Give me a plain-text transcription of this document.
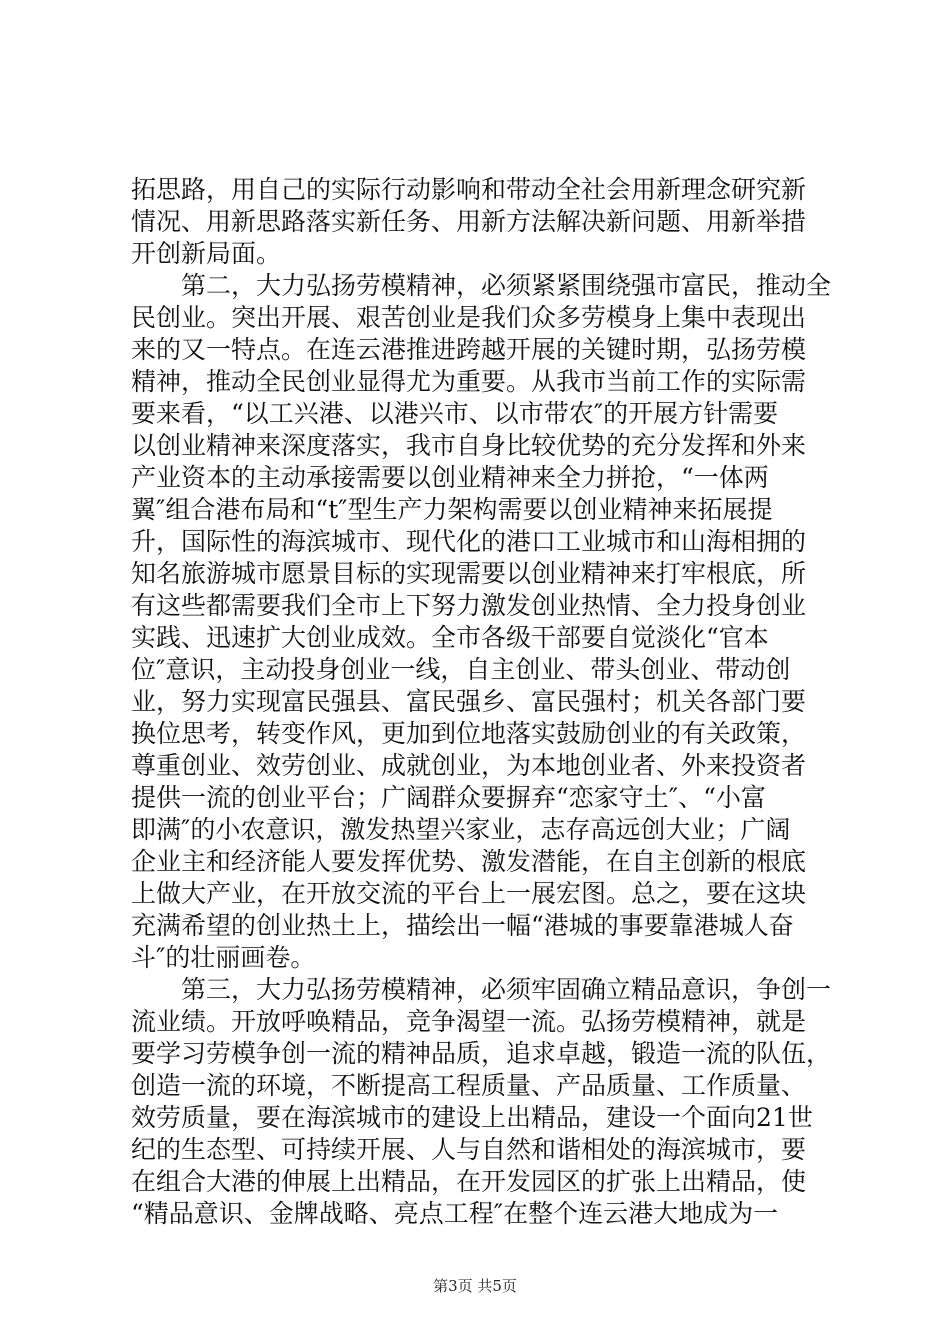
拓思路，用自己的实际行动影响和带动全社会用新理念研究新
情况、用新思路落实新任务、用新方法解决新问题、用新举措
开创新局面。
　　第二，大力弘扬劳模精神，必须紧紧围绕强市富民，推动全
民创业。突出开展、艰苦创业是我们众多劳模身上集中表现出
来的又一特点。在连云港推进跨越开展的关键时期，弘扬劳模
精神，推动全民创业显得尤为重要。从我市当前工作的实际需
要来看，“以工兴港、以港兴市、以市带农″的开展方针需要
以创业精神来深度落实，我市自身比较优势的充分发挥和外来
产业资本的主动承接需要以创业精神来全力拼抢，“一体两
翼″组合港布局和“t″型生产力架构需要以创业精神来拓展提
升，国际性的海滨城市、现代化的港口工业城市和山海相拥的
知名旅游城市愿景目标的实现需要以创业精神来打牢根底，所
有这些都需要我们全市上下努力激发创业热情、全力投身创业
实践、迅速扩大创业成效。全市各级干部要自觉淡化“官本
位″意识，主动投身创业一线，自主创业、带头创业、带动创
业，努力实现富民强县、富民强乡、富民强村；机关各部门要
换位思考，转变作风，更加到位地落实鼓励创业的有关政策，
尊重创业、效劳创业、成就创业，为本地创业者、外来投资者
提供一流的创业平台；广阔群众要摒弃“恋家守土″、“小富
即满″的小农意识，激发热望兴家业，志存高远创大业；广阔
企业主和经济能人要发挥优势、激发潜能，在自主创新的根底
上做大产业，在开放交流的平台上一展宏图。总之，要在这块
充满希望的创业热土上，描绘出一幅“港城的事要靠港城人奋
斗″的壮丽画卷。
　　第三，大力弘扬劳模精神，必须牢固确立精品意识，争创一
流业绩。开放呼唤精品，竞争渴望一流。弘扬劳模精神，就是
要学习劳模争创一流的精神品质，追求卓越，锻造一流的队伍，
创造一流的环境，不断提高工程质量、产品质量、工作质量、
效劳质量，要在海滨城市的建设上出精品，建设一个面向21世
纪的生态型、可持续开展、人与自然和谐相处的海滨城市，要
在组合大港的伸展上出精品，在开发园区的扩张上出精品，使
“精品意识、金牌战略、亮点工程″在整个连云港大地成为一
第3页 共5页
